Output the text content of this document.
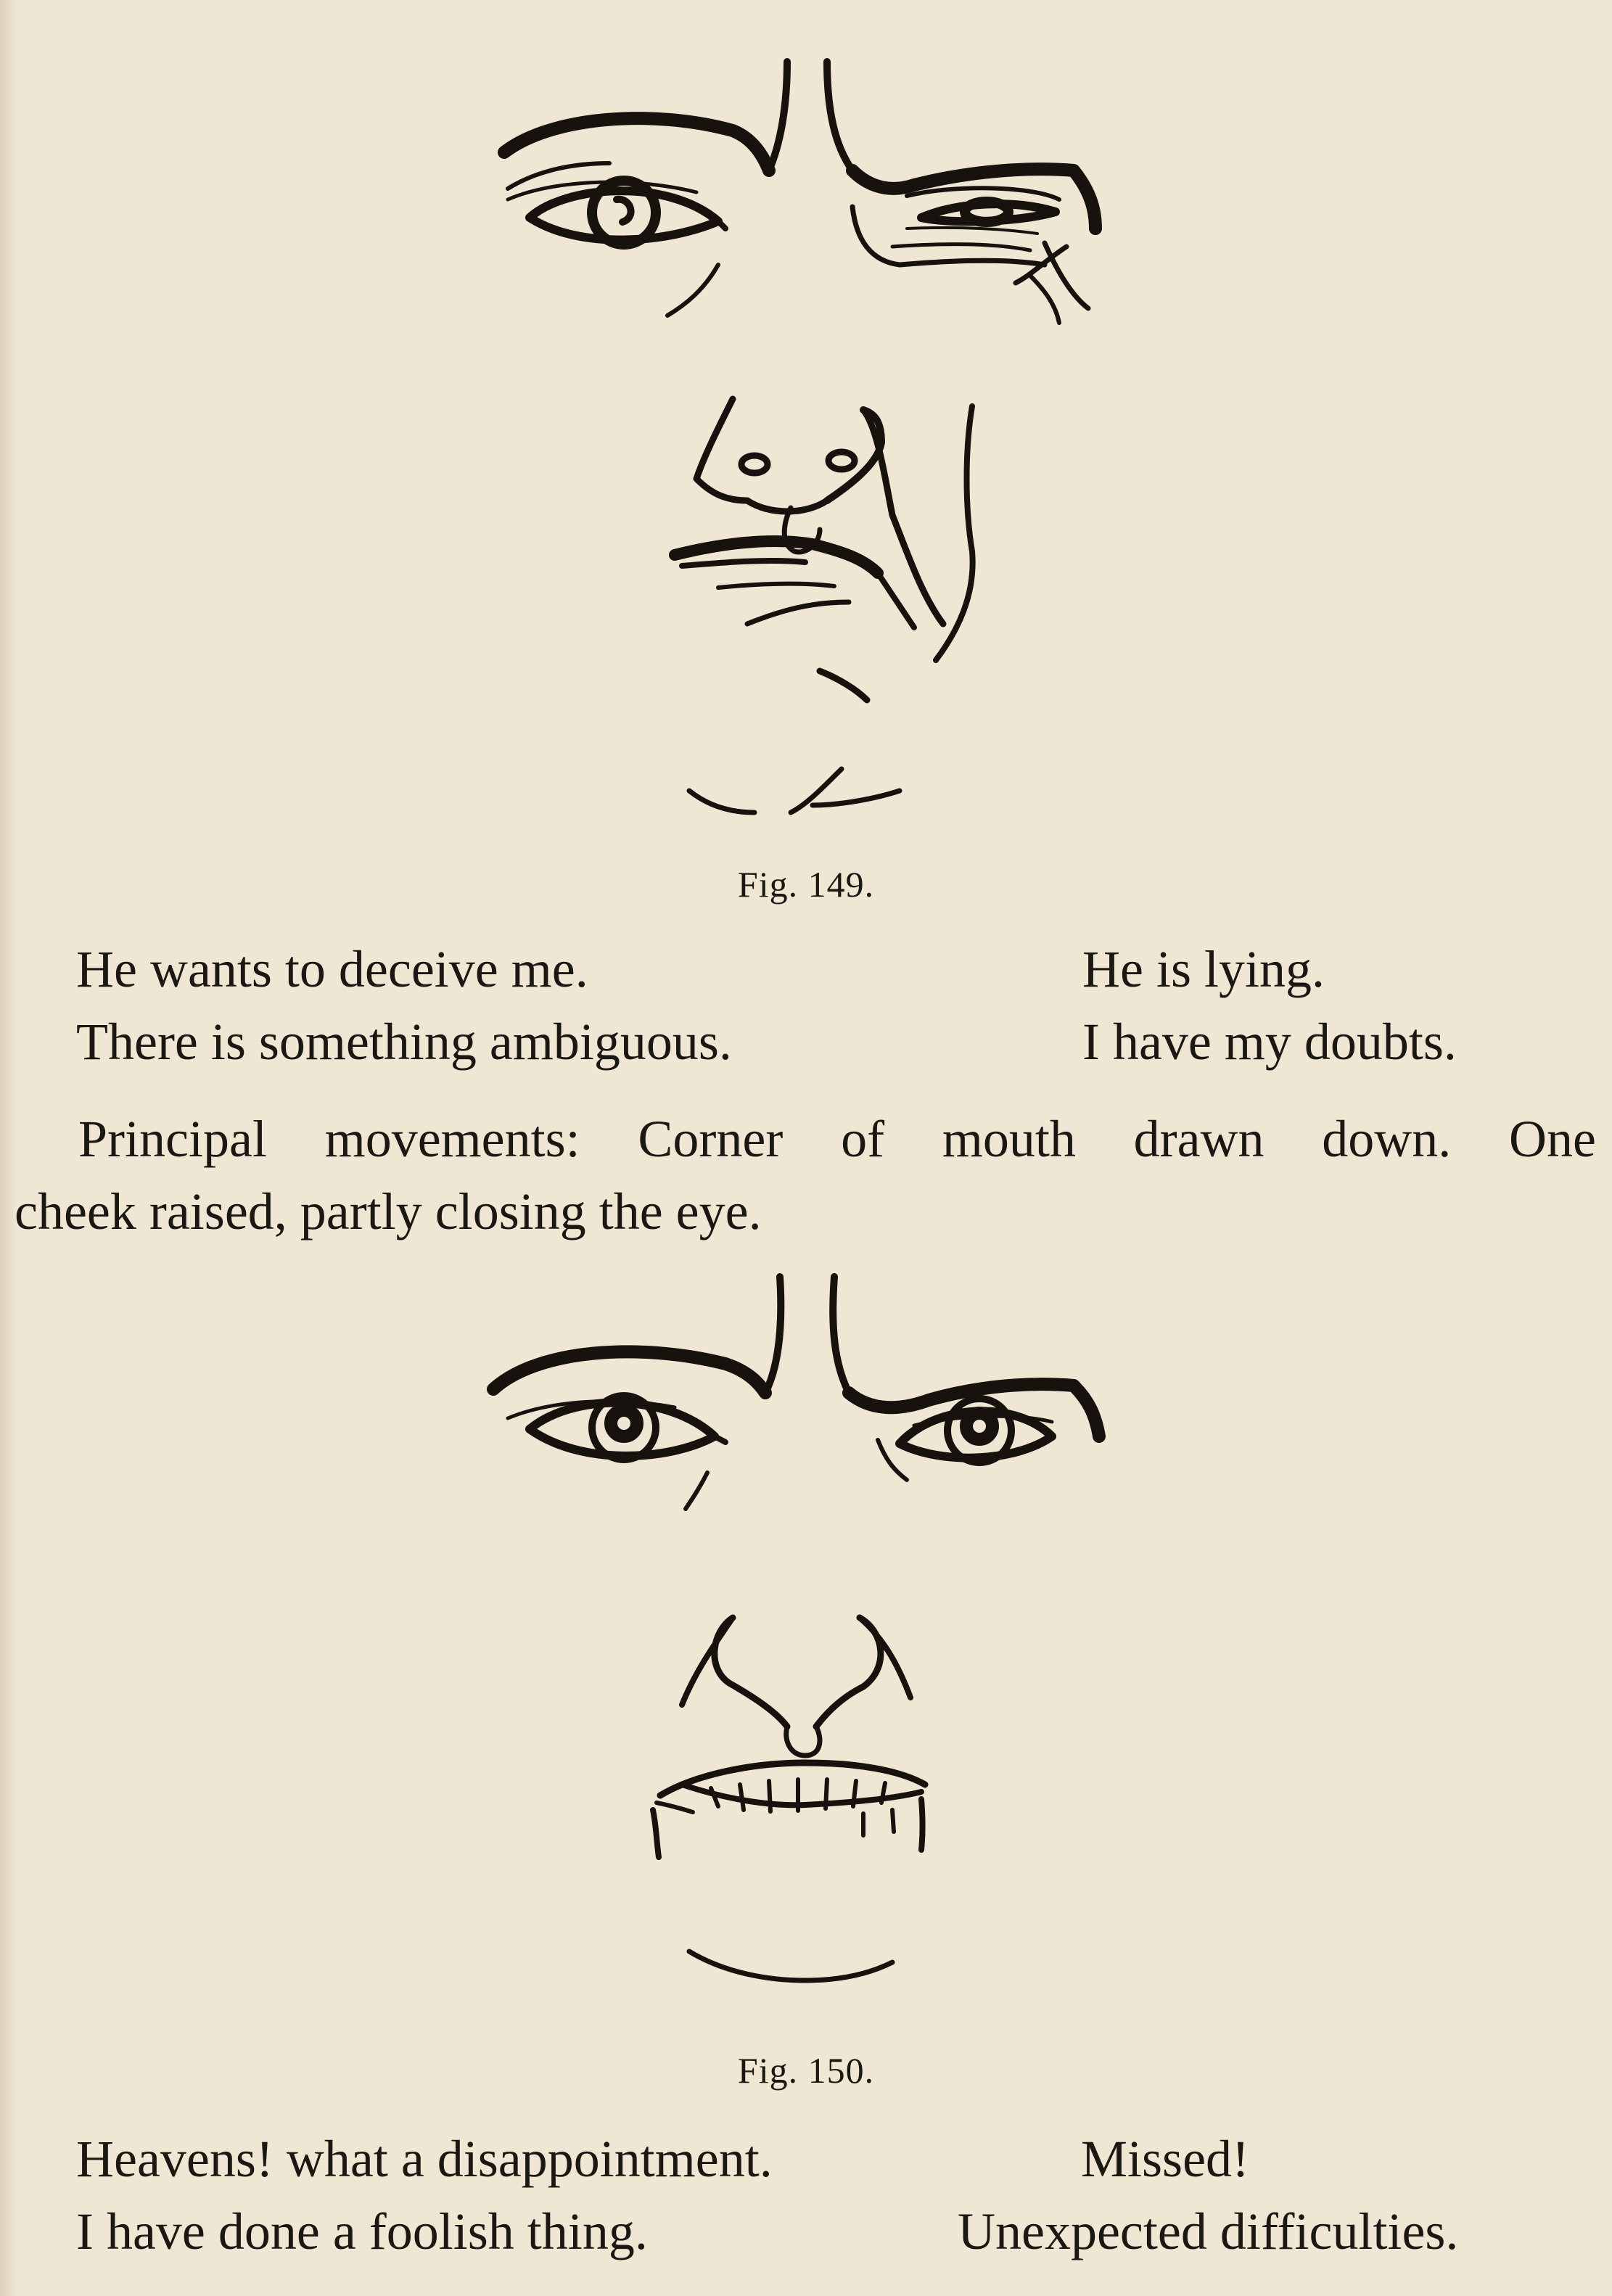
Fig. 149.
He wants to deceive me.
There is something ambiguous.
He is lying.
I have my doubts.
Principal movements: Corner of mouth drawn down. One
cheek raised, partly closing the eye.
Fig. 150.
Heavens! what a disappointment.
I have done a foolish thing.
Missed!
Unexpected difficulties.
